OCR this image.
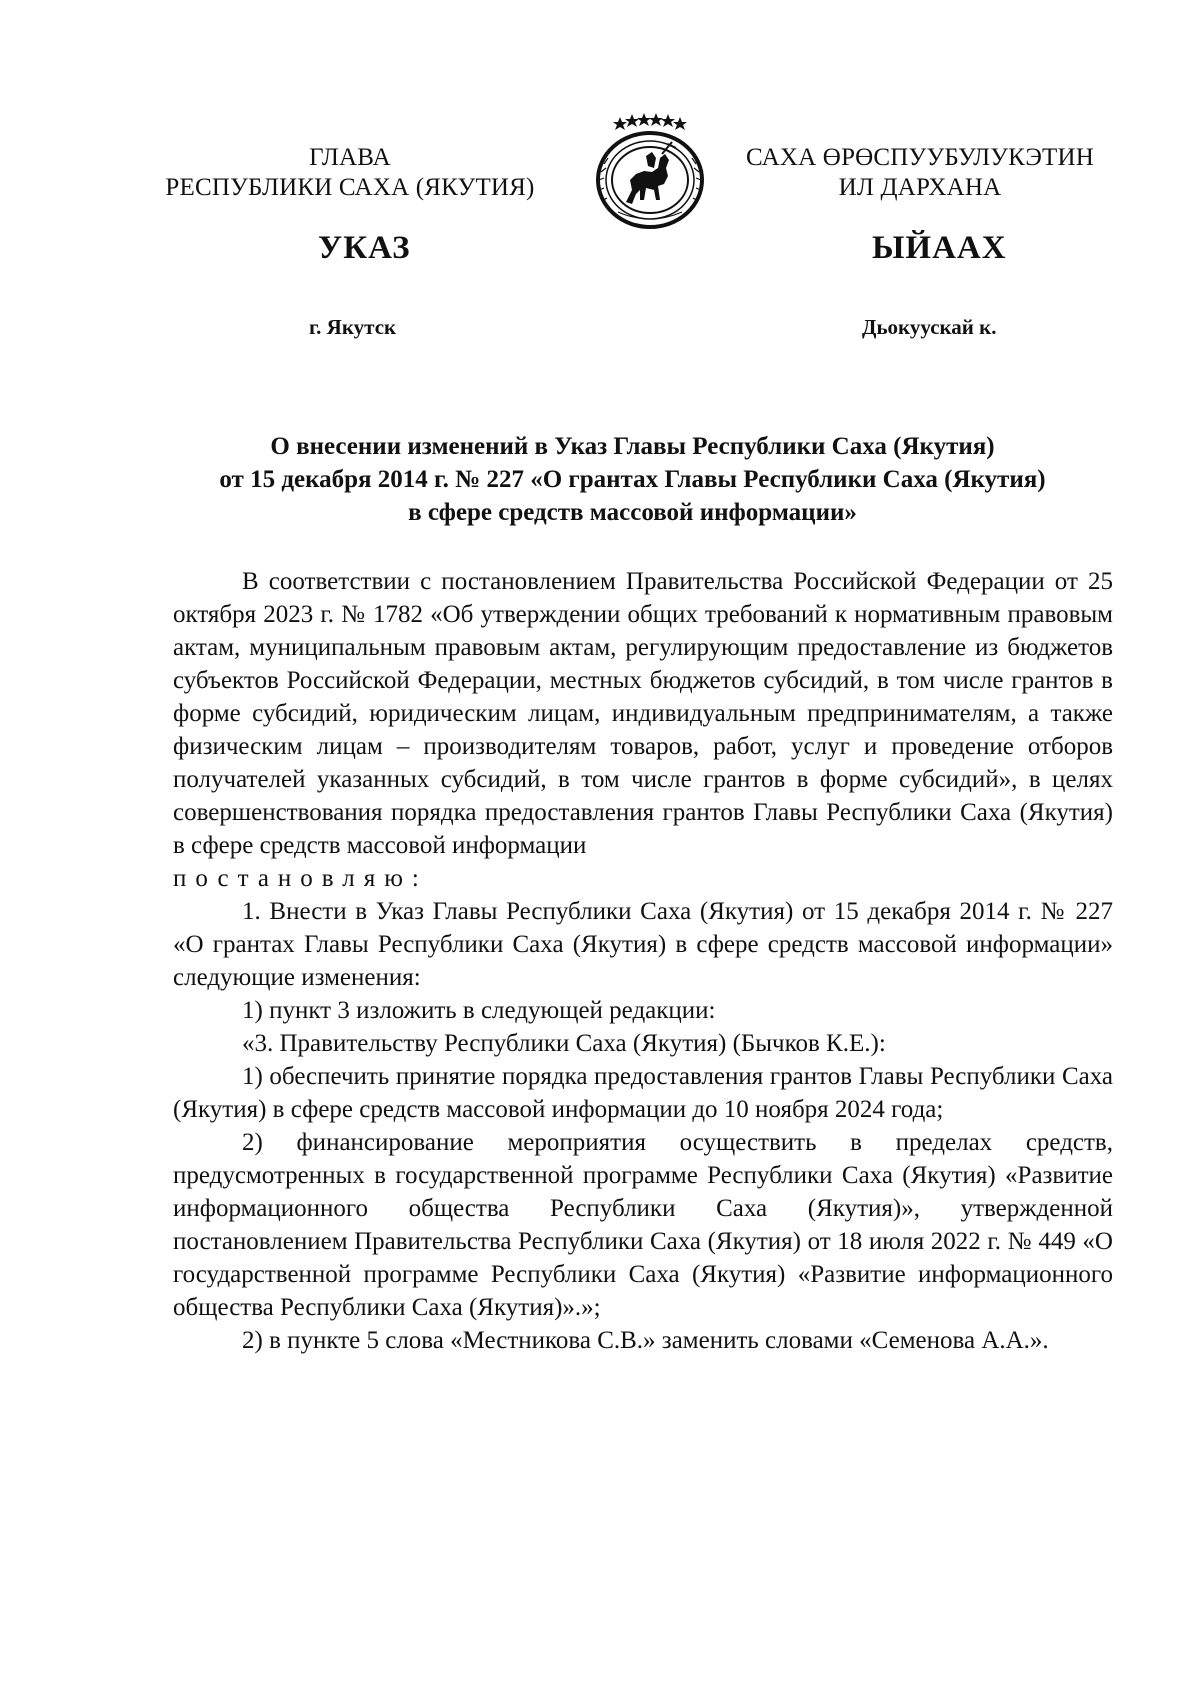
ГЛАВА
РЕСПУБЛИКИ САХА (ЯКУТИЯ)
САХА ӨРӨСПУУБУЛУКЭТИН
ИЛ ДАРХАНА
УКАЗ	ЫЙААХ
г. Якутск	Дьокуускай к.
О внесении изменений в Указ Главы Республики Саха (Якутия)
от 15 декабря 2014 г. № 227 «О грантах Главы Республики Саха (Якутия)
в сфере средств массовой информации»

В соответствии с постановлением Правительства Российской Федерации от 25 октября 2023 г. № 1782 «Об утверждении общих требований к нормативным правовым актам, муниципальным правовым актам, регулирующим предоставление из бюджетов субъектов Российской Федерации, местных бюджетов субсидий, в том числе грантов в форме субсидий, юридическим лицам, индивидуальным предпринимателям, а также физическим лицам – производителям товаров, работ, услуг и проведение отборов получателей указанных субсидий, в том числе грантов в форме субсидий», в целях совершенствования порядка предоставления грантов Главы Республики Саха (Якутия) в сфере средств массовой информации

постановляю:

1. Внести в Указ Главы Республики Саха (Якутия) от 15 декабря 2014 г. № 227 «О грантах Главы Республики Саха (Якутия) в сфере средств массовой информации» следующие изменения:

1) пункт 3 изложить в следующей редакции:

«3. Правительству Республики Саха (Якутия) (Бычков К.Е.):

1) обеспечить принятие порядка предоставления грантов Главы Республики Саха (Якутия) в сфере средств массовой информации до 10 ноября 2024 года;

2) финансирование мероприятия осуществить в пределах средств, предусмотренных в государственной программе Республики Саха (Якутия) «Развитие информационного общества Республики Саха (Якутия)», утвержденной постановлением Правительства Республики Саха (Якутия) от 18 июля 2022 г. № 449 «О государственной программе Республики Саха (Якутия) «Развитие информационного общества Республики Саха (Якутия)».»;

2) в пункте 5 слова «Местникова С.В.» заменить словами «Семенова А.А.».
